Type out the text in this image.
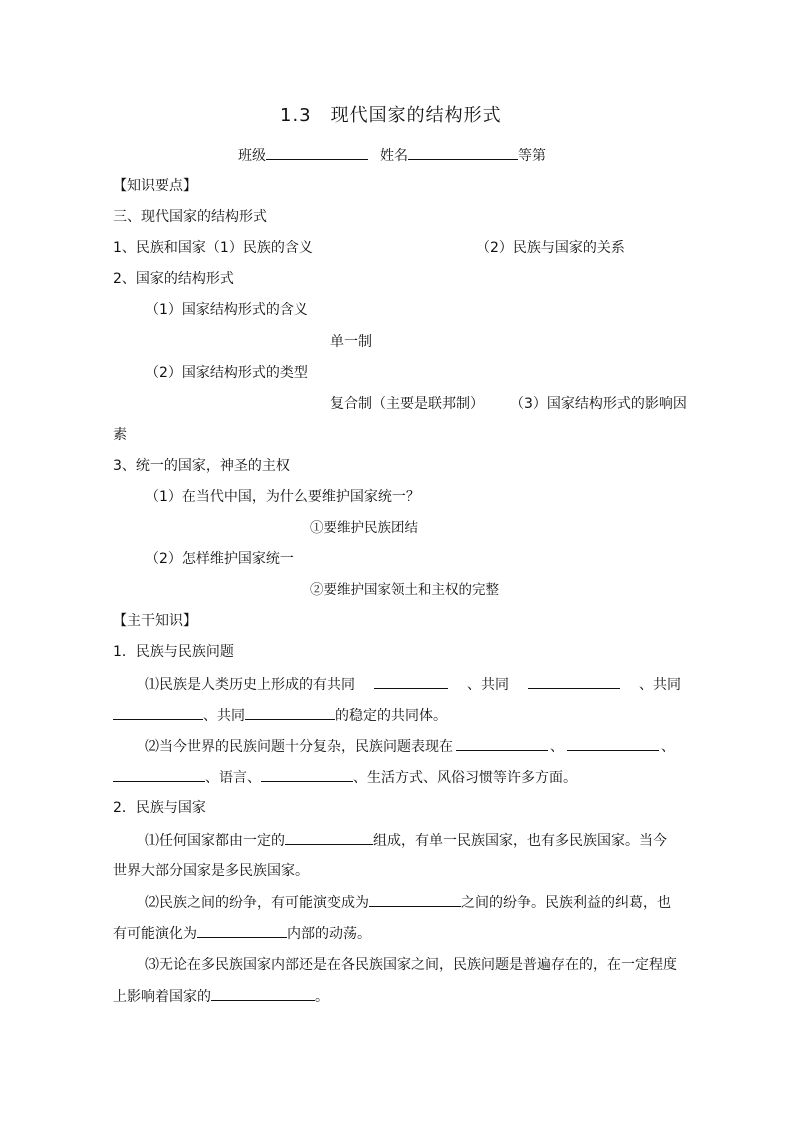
1.3　现代国家的结构形式
班级	姓名	等第
【知识要点】
三、现代国家的结构形式
1、民族和国家（1）民族的含义	（2）民族与国家的关系
2、国家的结构形式
（1）国家结构形式的含义
单一制
（2）国家结构形式的类型
复合制（主要是联邦制） （3）国家结构形式的影响因
素
3、统一的国家，神圣的主权
（1）在当代中国，为什么要维护国家统一？
①要维护民族团结
（2）怎样维护国家统一
②要维护国家领土和主权的完整
【主干知识】
1．民族与民族问题
⑴民族是人类历史上形成的有共同	、共同	、共同
、共同	的稳定的共同体。
⑵当今世界的民族问题十分复杂，民族问题表现在	、	、
、语言、	、生活方式、风俗习惯等许多方面。
2．民族与国家
⑴任何国家都由一定的	组成，有单一民族国家，也有多民族国家。当今
世界大部分国家是多民族国家。
⑵民族之间的纷争，有可能演变成为	之间的纷争。民族利益的纠葛，也
有可能演化为	内部的动荡。
⑶无论在多民族国家内部还是在各民族国家之间，民族问题是普遍存在的，在一定程度
上影响着国家的	。
